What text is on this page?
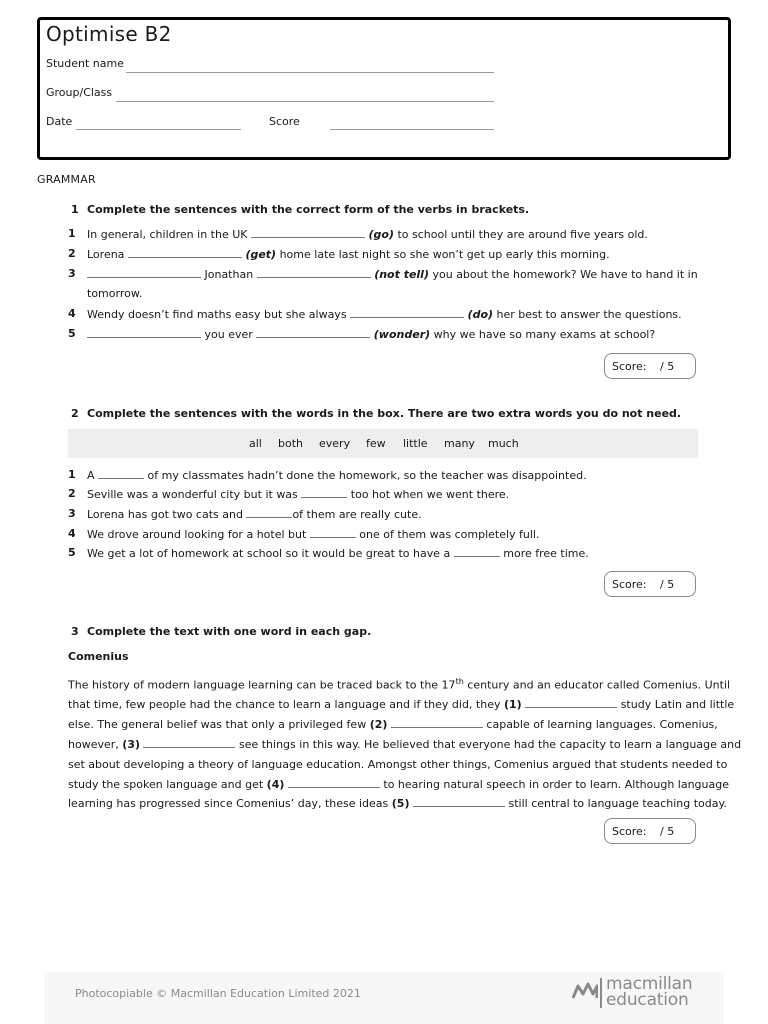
Optimise B2
Student name
Group/Class
Date	Score
GRAMMAR
1 Complete the sentences with the correct form of the verbs in brackets.
1 In general, children in the UK	(go) to school until they are around five years old.
2 Lorena	(get) home late last night so she won’t get up early this morning.
3	Jonathan	(not tell) you about the homework? We have to hand it in
tomorrow.
4 Wendy doesn’t find maths easy but she always	(do) her best to answer the questions.
5	you ever	(wonder) why we have so many exams at school?
Score: / 5
2 Complete the sentences with the words in the box. There are two extra words you do not need.
all both every few little many much
1 A	of my classmates hadn’t done the homework, so the teacher was disappointed.
2 Seville was a wonderful city but it was	too hot when we went there.
3 Lorena has got two cats and	of them are really cute.
4 We drove around looking for a hotel but	one of them was completely full.
5 We get a lot of homework at school so it would be great to have a	more free time.
Score: / 5
3 Complete the text with one word in each gap.
Comenius
The history of modern language learning can be traced back to the 17th century and an educator called Comenius. Until
that time, few people had the chance to learn a language and if they did, they (1)	study Latin and little
else. The general belief was that only a privileged few (2)	capable of learning languages. Comenius,
however, (3)	see things in this way. He believed that everyone had the capacity to learn a language and
set about developing a theory of language education. Amongst other things, Comenius argued that students needed to
study the spoken language and get (4)	to hearing natural speech in order to learn. Although language
learning has progressed since Comenius’ day, these ideas (5)	still central to language teaching today.
Score: / 5
Photocopiable © Macmillan Education Limited 2021	macmillan
education
